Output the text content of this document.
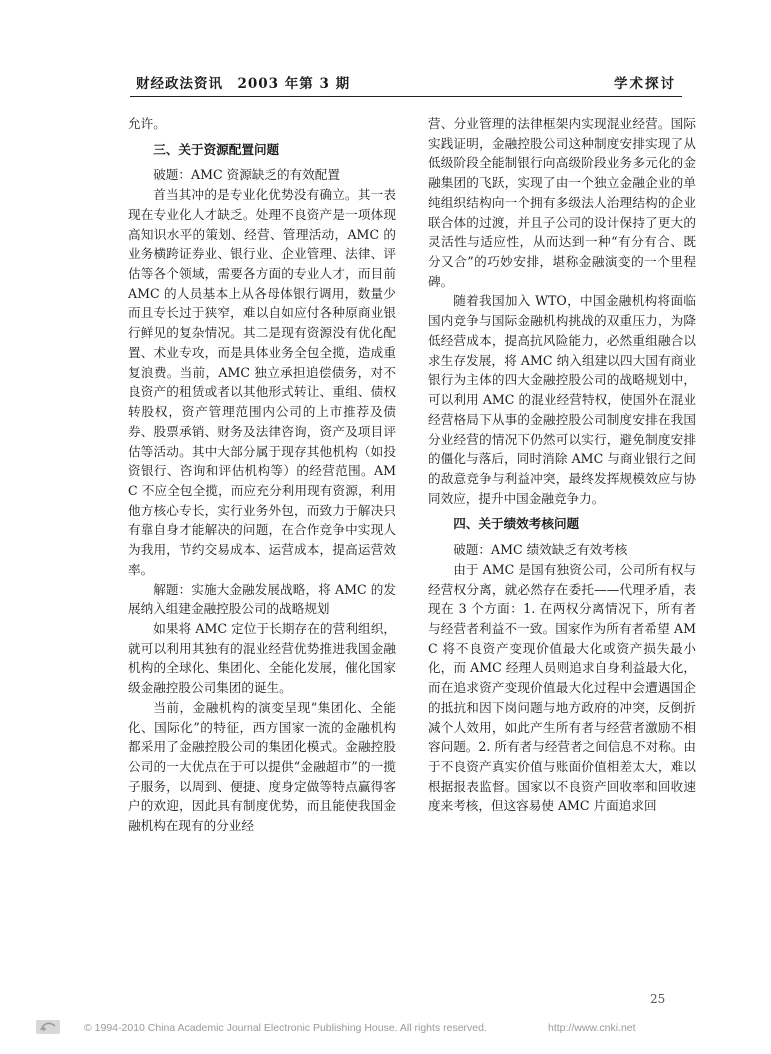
财经政法资讯　2003 年第 3 期	学术探讨

允许。

三、关于资源配置问题

破题：AMC 资源缺乏的有效配置

首当其冲的是专业化优势没有确立。其一表现在专业化人才缺乏。处理不良资产是一项体现高知识水平的策划、经营、管理活动，AMC 的业务横跨证券业、银行业、企业管理、法律、评估等各个领域，需要各方面的专业人才，而目前 AMC 的人员基本上从各母体银行调用，数量少而且专长过于狭窄，难以自如应付各种原商业银行鲜见的复杂情况。其二是现有资源没有优化配置、术业专攻，而是具体业务全包全揽，造成重复浪费。当前，AMC 独立承担追偿债务，对不良资产的租赁或者以其他形式转让、重组、债权转股权，资产管理范围内公司的上市推荐及债券、股票承销、财务及法律咨询，资产及项目评估等活动。其中大部分属于现存其他机构（如投资银行、咨询和评估机构等）的经营范围。AMC 不应全包全揽，而应充分利用现有资源，利用他方核心专长，实行业务外包，而致力于解决只有靠自身才能解决的问题，在合作竞争中实现人为我用，节约交易成本、运营成本，提高运营效率。

解题：实施大金融发展战略，将 AMC 的发展纳入组建金融控股公司的战略规划

如果将 AMC 定位于长期存在的营利组织，就可以利用其独有的混业经营优势推进我国金融机构的全球化、集团化、全能化发展，催化国家级金融控股公司集团的诞生。

当前，金融机构的演变呈现“集团化、全能化、国际化”的特征，西方国家一流的金融机构都采用了金融控股公司的集团化模式。金融控股公司的一大优点在于可以提供“金融超市”的一揽子服务，以周到、便捷、度身定做等特点赢得客户的欢迎，因此具有制度优势，而且能使我国金融机构在现有的分业经

营、分业管理的法律框架内实现混业经营。国际实践证明，金融控股公司这种制度安排实现了从低级阶段全能制银行向高级阶段业务多元化的金融集团的飞跃，实现了由一个独立金融企业的单纯组织结构向一个拥有多级法人治理结构的企业联合体的过渡，并且子公司的设计保持了更大的灵活性与适应性，从而达到一种“有分有合、既分又合”的巧妙安排，堪称金融演变的一个里程碑。

随着我国加入 WTO，中国金融机构将面临国内竞争与国际金融机构挑战的双重压力，为降低经营成本，提高抗风险能力，必然重组融合以求生存发展，将 AMC 纳入组建以四大国有商业银行为主体的四大金融控股公司的战略规划中，可以利用 AMC 的混业经营特权，使国外在混业经营格局下从事的金融控股公司制度安排在我国分业经营的情况下仍然可以实行，避免制度安排的僵化与落后，同时消除 AMC 与商业银行之间的敌意竞争与利益冲突，最终发挥规模效应与协同效应，提升中国金融竞争力。

四、关于绩效考核问题

破题：AMC 绩效缺乏有效考核

由于 AMC 是国有独资公司，公司所有权与经营权分离，就必然存在委托——代理矛盾，表现在 3 个方面：1. 在两权分离情况下，所有者与经营者利益不一致。国家作为所有者希望 AMC 将不良资产变现价值最大化或资产损失最小化，而 AMC 经理人员则追求自身利益最大化，而在追求资产变现价值最大化过程中会遭遇国企的抵抗和因下岗问题与地方政府的冲突，反倒折减个人效用，如此产生所有者与经营者激励不相容问题。2. 所有者与经营者之间信息不对称。由于不良资产真实价值与账面价值相差太大，难以根据报表监督。国家以不良资产回收率和回收速度来考核，但这容易使 AMC 片面追求回

25
© 1994-2010 China Academic Journal Electronic Publishing House. All rights reserved.	http://www.cnki.net
